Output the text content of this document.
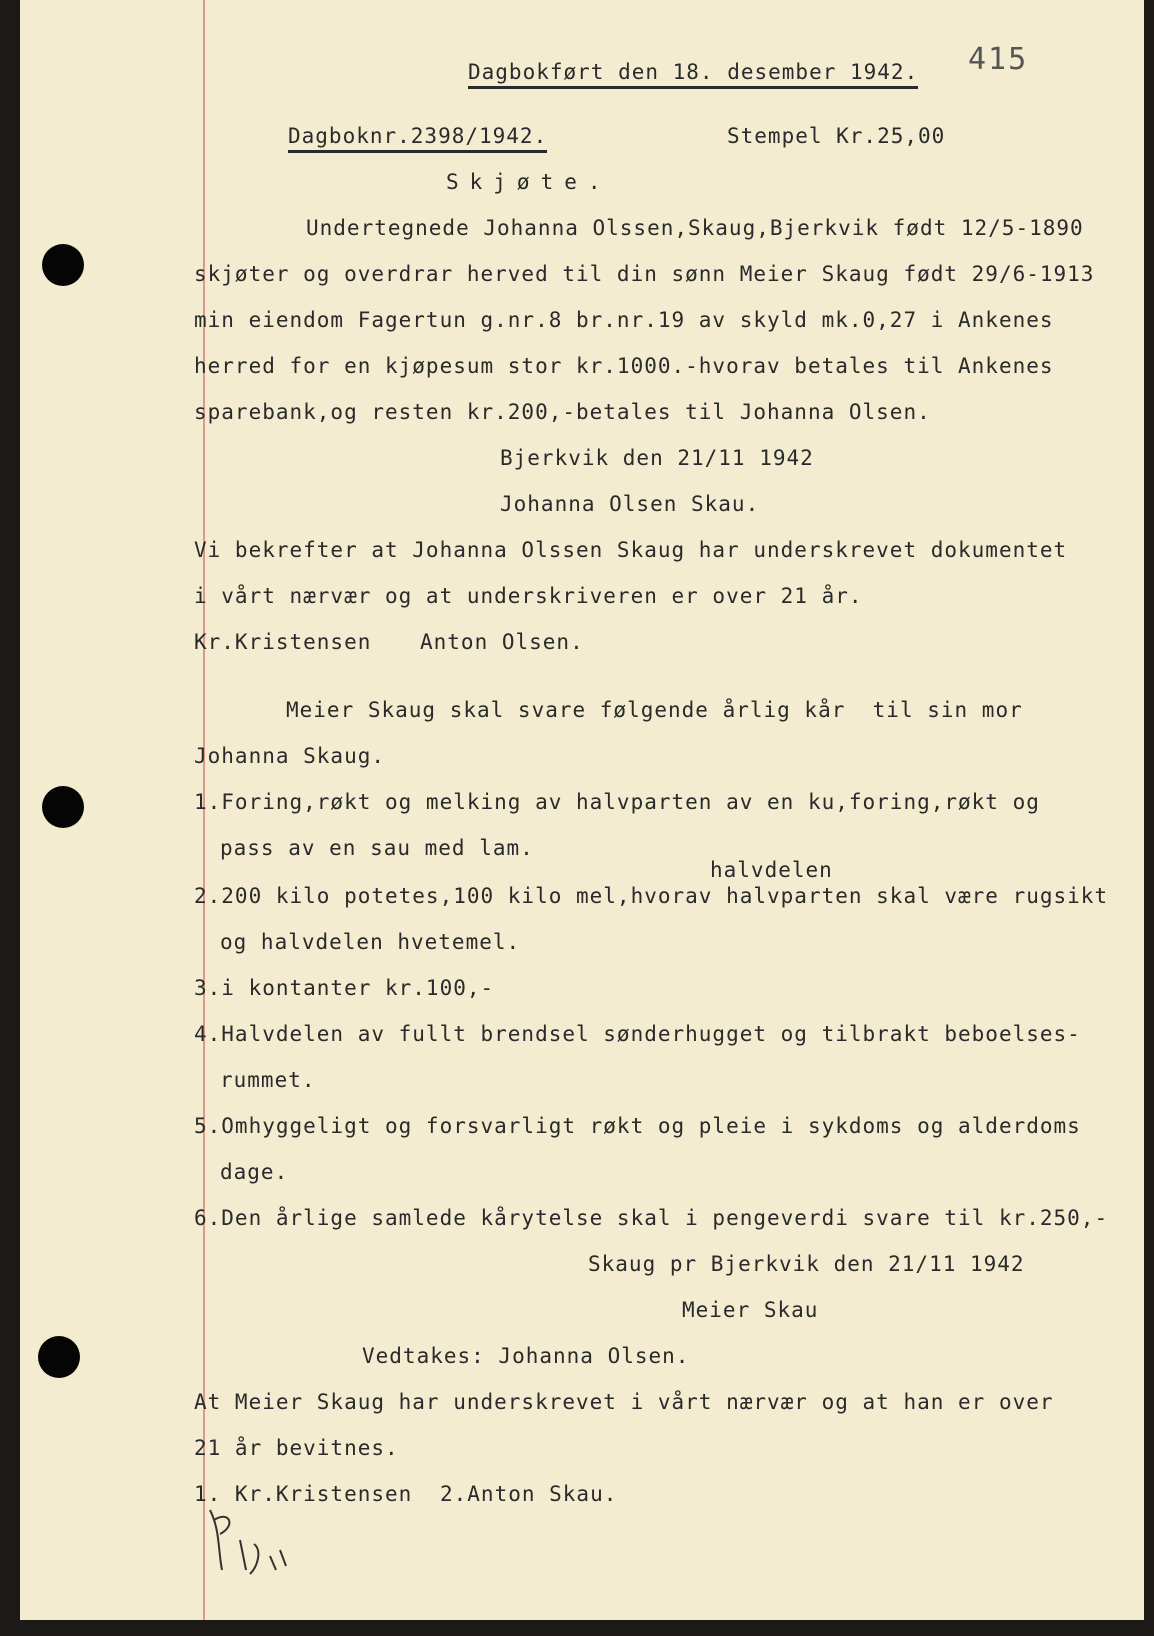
Dagbokført den 18. desember 1942. 415
Dagboknr.2398/1942.	Stempel Kr.25,00
Skjøte.
Undertegnede Johanna Olssen,Skaug,Bjerkvik født 12/5-1890
skjøter og overdrar herved til din sønn Meier Skaug født 29/6-1913
min eiendom Fagertun g.nr.8 br.nr.19 av skyld mk.0,27 i Ankenes
herred for en kjøpesum stor kr.1000.-hvorav betales til Ankenes
sparebank,og resten kr.200,-betales til Johanna Olsen.
Bjerkvik den 21/11 1942
Johanna Olsen Skau.
Vi bekrefter at Johanna Olssen Skaug har underskrevet dokumentet
i vårt nærvær og at underskriveren er over 21 år.
Kr.Kristensen Anton Olsen.
Meier Skaug skal svare følgende årlig kår  til sin mor
Johanna Skaug.
1.Foring,røkt og melking av halvparten av en ku,foring,røkt og
pass av en sau med lam.
halvdelen
2.200 kilo potetes,100 kilo mel,hvorav halvparten skal være rugsikt
og halvdelen hvetemel.
3.i kontanter kr.100,-
4.Halvdelen av fullt brendsel sønderhugget og tilbrakt beboelses-
rummet.
5.Omhyggeligt og forsvarligt røkt og pleie i sykdoms og alderdoms
dage.
6.Den årlige samlede kårytelse skal i pengeverdi svare til kr.250,-
Skaug pr Bjerkvik den 21/11 1942
Meier Skau
Vedtakes: Johanna Olsen.
At Meier Skaug har underskrevet i vårt nærvær og at han er over
21 år bevitnes.
1. Kr.Kristensen 2.Anton Skau.
